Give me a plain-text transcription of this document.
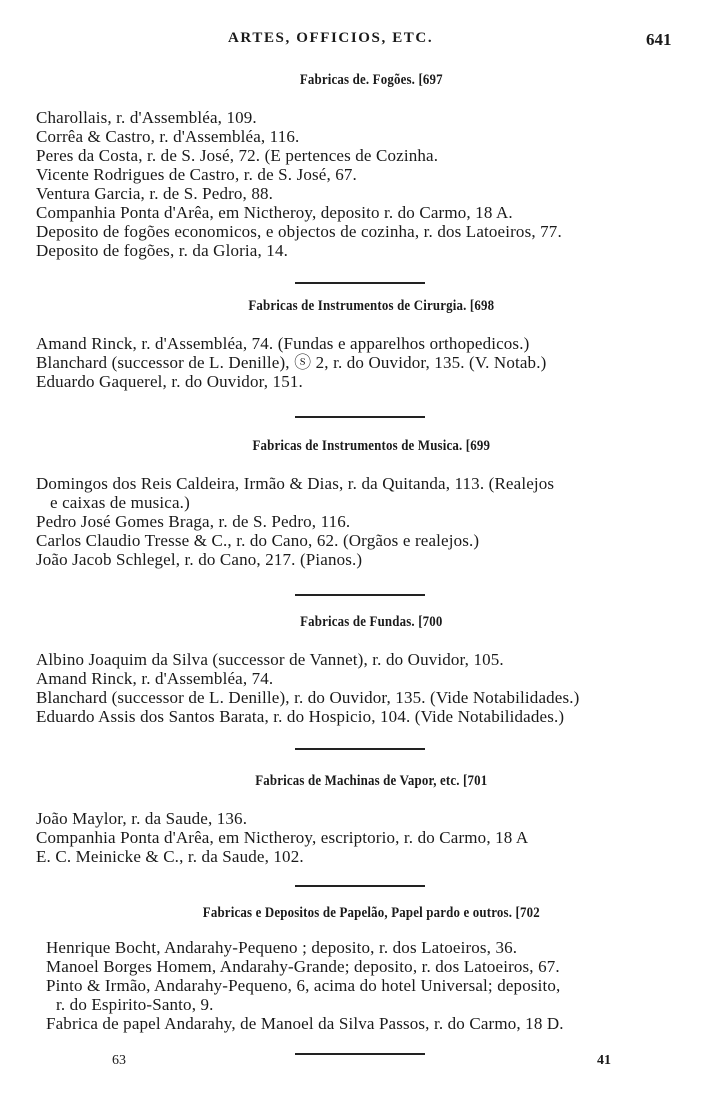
ARTES, OFFICIOS, ETC.	641
Fabricas de. Fogões. [697
Charollais, r. d'Assembléa, 109.
Corrêa & Castro, r. d'Assembléa, 116.
Peres da Costa, r. de S. José, 72. (E pertences de Cozinha.
Vicente Rodrigues de Castro, r. de S. José, 67.
Ventura Garcia, r. de S. Pedro, 88.
Companhia Ponta d'Arêa, em Nictheroy, deposito r. do Carmo, 18 A.
Deposito de fogões economicos, e objectos de cozinha, r. dos Latoeiros, 77.
Deposito de fogões, r. da Gloria, 14.
Fabricas de Instrumentos de Cirurgia. [698
Amand Rinck, r. d'Assembléa, 74. (Fundas e apparelhos orthopedicos.)
Blanchard (successor de L. Denille), ⓢ 2, r. do Ouvidor, 135. (V. Notab.)
Eduardo Gaquerel, r. do Ouvidor, 151.
Fabricas de Instrumentos de Musica. [699
Domingos dos Reis Caldeira, Irmão & Dias, r. da Quitanda, 113. (Realejos
e caixas de musica.)
Pedro José Gomes Braga, r. de S. Pedro, 116.
Carlos Claudio Tresse & C., r. do Cano, 62. (Orgãos e realejos.)
João Jacob Schlegel, r. do Cano, 217. (Pianos.)
Fabricas de Fundas. [700
Albino Joaquim da Silva (successor de Vannet), r. do Ouvidor, 105.
Amand Rinck, r. d'Assembléa, 74.
Blanchard (successor de L. Denille), r. do Ouvidor, 135. (Vide Notabilidades.)
Eduardo Assis dos Santos Barata, r. do Hospicio, 104. (Vide Notabilidades.)
Fabricas de Machinas de Vapor, etc. [701
João Maylor, r. da Saude, 136.
Companhia Ponta d'Arêa, em Nictheroy, escriptorio, r. do Carmo, 18 A
E. C. Meinicke & C., r. da Saude, 102.
Fabricas e Depositos de Papelão, Papel pardo e outros. [702
Henrique Bocht, Andarahy-Pequeno ; deposito, r. dos Latoeiros, 36.
Manoel Borges Homem, Andarahy-Grande; deposito, r. dos Latoeiros, 67.
Pinto & Irmão, Andarahy-Pequeno, 6, acima do hotel Universal; deposito,
r. do Espirito-Santo, 9.
Fabrica de papel Andarahy, de Manoel da Silva Passos, r. do Carmo, 18 D.
63	41
